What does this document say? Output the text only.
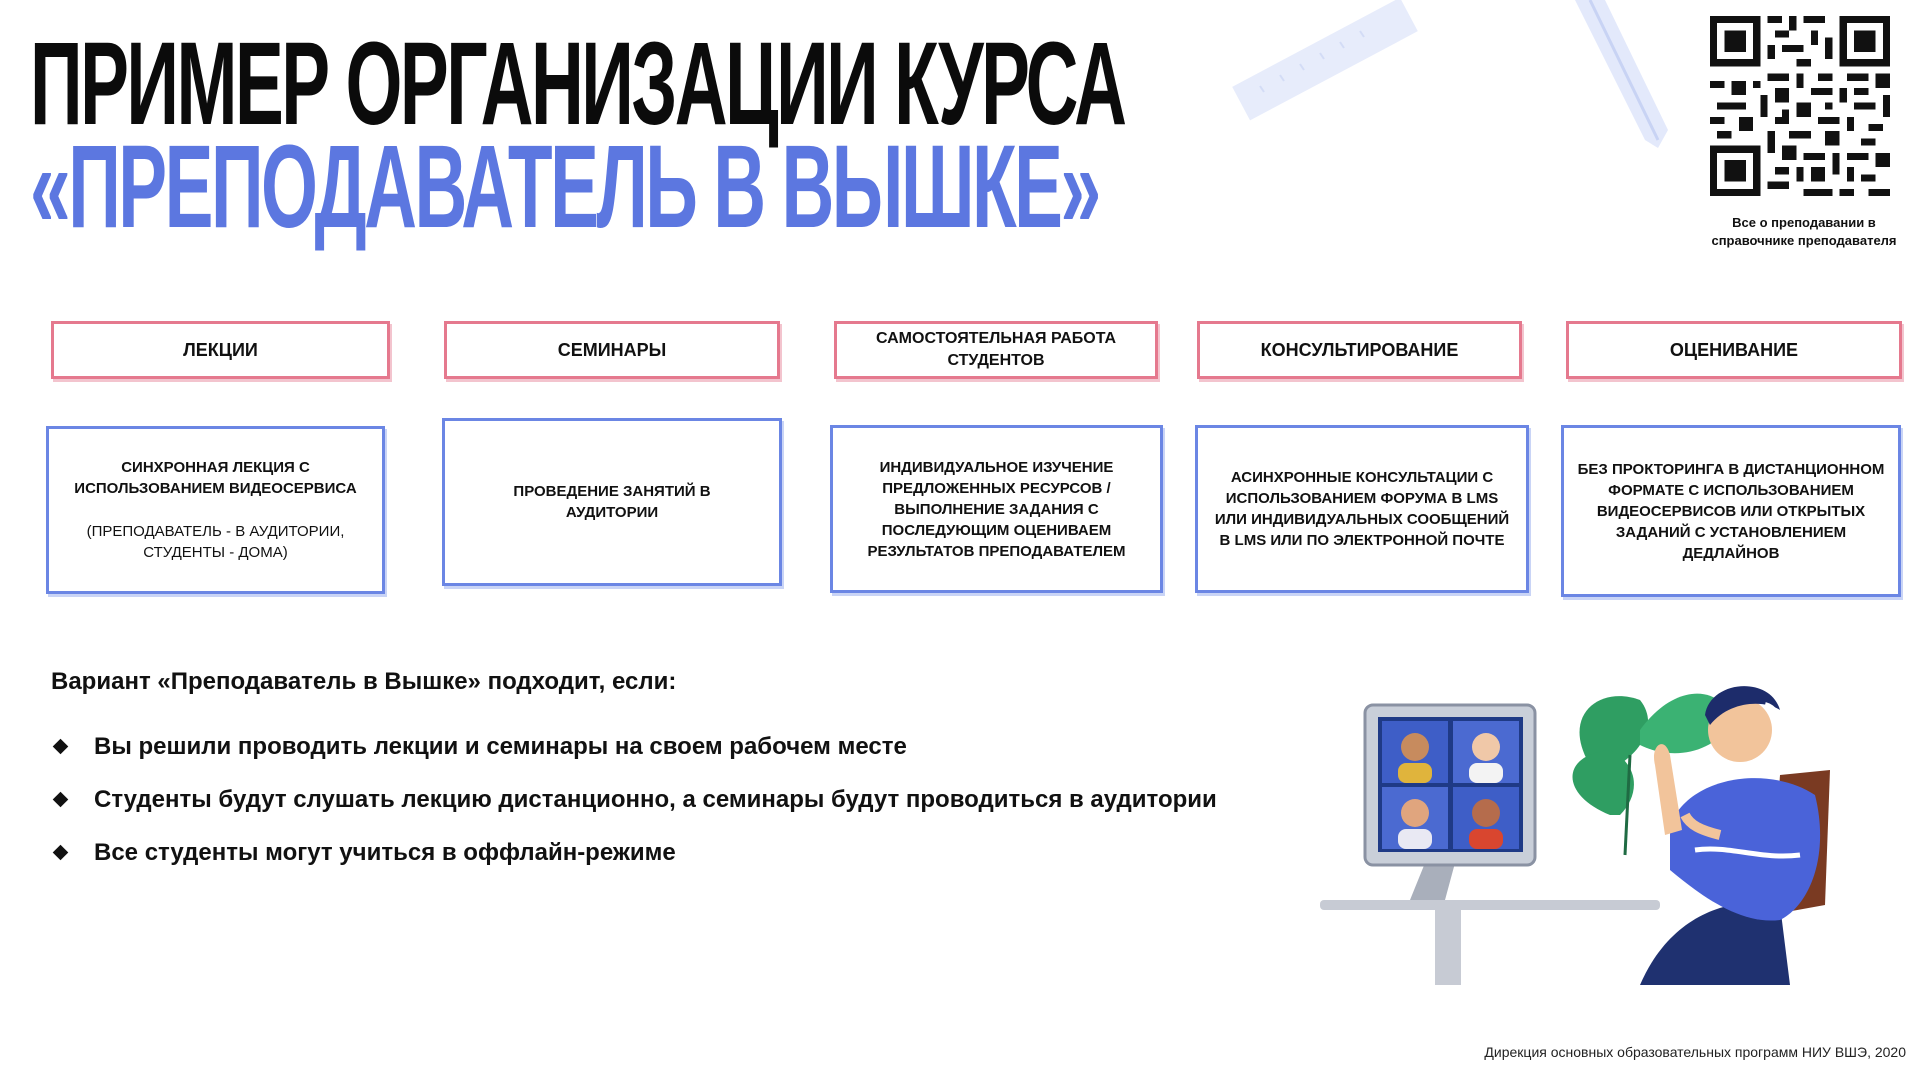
ПРИМЕР ОРГАНИЗАЦИИ КУРСА
«ПРЕПОДАВАТЕЛЬ В ВЫШКЕ»	Все о преподавании в
справочнике преподавателя
ЛЕКЦИИ	СЕМИНАРЫ
САМОСТОЯТЕЛЬНАЯ РАБОТА СТУДЕНТОВ
КОНСУЛЬТИРОВАНИЕ	ОЦЕНИВАНИЕ
СИНХРОННАЯ ЛЕКЦИЯ С ИСПОЛЬЗОВАНИЕМ ВИДЕОСЕРВИСА
(ПРЕПОДАВАТЕЛЬ - В АУДИТОРИИ, СТУДЕНТЫ - ДОМА)
ПРОВЕДЕНИЕ ЗАНЯТИЙ В АУДИТОРИИ
ИНДИВИДУАЛЬНОЕ ИЗУЧЕНИЕ ПРЕДЛОЖЕННЫХ РЕСУРСОВ / ВЫПОЛНЕНИЕ ЗАДАНИЯ С ПОСЛЕДУЮЩИМ ОЦЕНИВАЕМ РЕЗУЛЬТАТОВ ПРЕПОДАВАТЕЛЕМ
АСИНХРОННЫЕ КОНСУЛЬТАЦИИ С ИСПОЛЬЗОВАНИЕМ ФОРУМА В LMS ИЛИ ИНДИВИДУАЛЬНЫХ СООБЩЕНИЙ В LMS ИЛИ ПО ЭЛЕКТРОННОЙ ПОЧТЕ
БЕЗ ПРОКТОРИНГА В ДИСТАНЦИОННОМ ФОРМАТЕ С ИСПОЛЬЗОВАНИЕМ ВИДЕОСЕРВИСОВ ИЛИ ОТКРЫТЫХ ЗАДАНИЙ С УСТАНОВЛЕНИЕМ ДЕДЛАЙНОВ
Вариант «Преподаватель в Вышке» подходит, если:
Вы решили проводить лекции и семинары на своем рабочем месте
Студенты будут слушать лекцию дистанционно, а семинары будут проводиться в аудитории
Все студенты могут учиться в оффлайн-режиме
Дирекция основных образовательных программ НИУ ВШЭ, 2020
